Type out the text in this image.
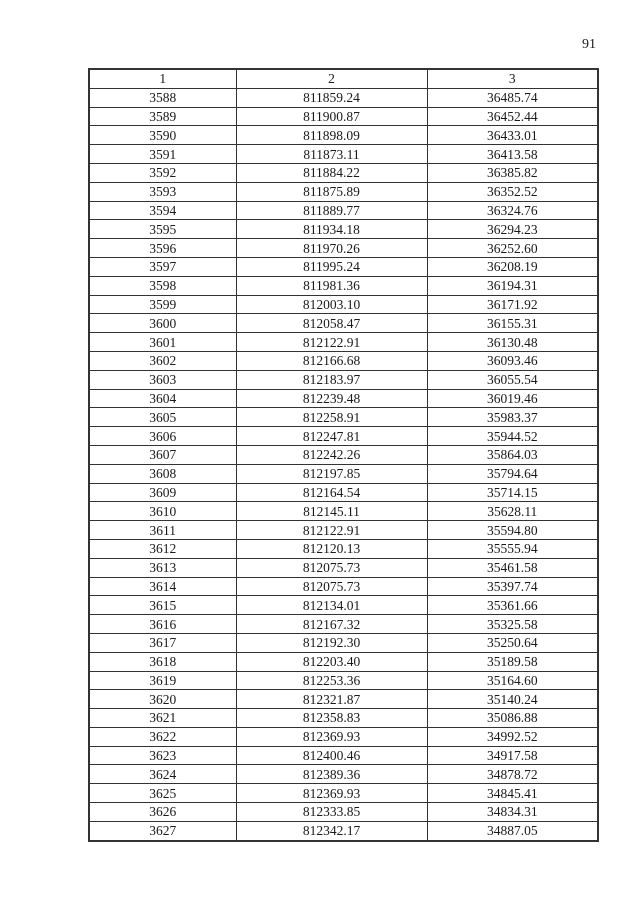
91
1	2	3
3588	811859.24	36485.74
3589	811900.87	36452.44
3590	811898.09	36433.01
3591	811873.11	36413.58
3592	811884.22	36385.82
3593	811875.89	36352.52
3594	811889.77	36324.76
3595	811934.18	36294.23
3596	811970.26	36252.60
3597	811995.24	36208.19
3598	811981.36	36194.31
3599	812003.10	36171.92
3600	812058.47	36155.31
3601	812122.91	36130.48
3602	812166.68	36093.46
3603	812183.97	36055.54
3604	812239.48	36019.46
3605	812258.91	35983.37
3606	812247.81	35944.52
3607	812242.26	35864.03
3608	812197.85	35794.64
3609	812164.54	35714.15
3610	812145.11	35628.11
3611	812122.91	35594.80
3612	812120.13	35555.94
3613	812075.73	35461.58
3614	812075.73	35397.74
3615	812134.01	35361.66
3616	812167.32	35325.58
3617	812192.30	35250.64
3618	812203.40	35189.58
3619	812253.36	35164.60
3620	812321.87	35140.24
3621	812358.83	35086.88
3622	812369.93	34992.52
3623	812400.46	34917.58
3624	812389.36	34878.72
3625	812369.93	34845.41
3626	812333.85	34834.31
3627	812342.17	34887.05
